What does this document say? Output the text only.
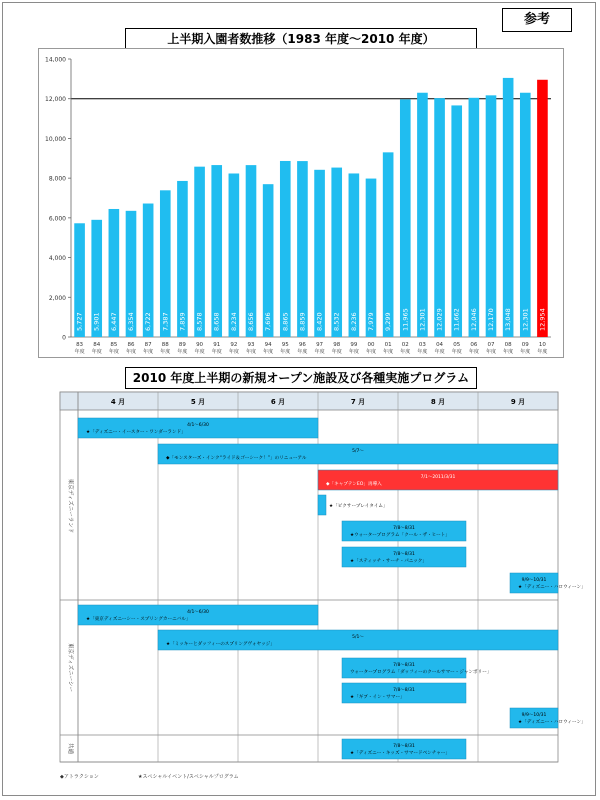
参考
上半期入園者数推移（1983 年度～2010 年度）
0
2,000
4,000
6,000
8,000
10,000
12,000
14,000
5,727
83
年度
5,901
84
年度
6,447
85
年度
6,354
86
年度
6,722
87
年度
7,387
88
年度
7,859
89
年度
8,578
90
年度
8,658
91
年度
8,234
92
年度
8,656
93
年度
7,696
94
年度
8,865
95
年度
8,859
96
年度
8,420
97
年度
8,532
98
年度
8,236
99
年度
7,979
00
年度
9,299
01
年度
11,965
02
年度
12,301
03
年度
12,029
04
年度
11,662
05
年度
12,046
06
年度
12,170
07
年度
13,048
08
年度
12,301
09
年度
12,954
10
年度
2010 年度上半期の新規オープン施設及び各種実施プログラム
4 月	5 月	6 月	7 月	8 月	9 月
東京ディズニーランド
東京ディズニーシー
共通
4/1～6/30
★「ディズニー・イースター・ワンダーランド」
5/7～
◆「モンスターズ・インク“ライド＆ゴーシーク！”」のリニューアル
7/1～2011/3/31
◆「キャプテンEO」再導入
★「ピクサープレイタイム」
7/8～8/31
★ウォータープログラム「クール・ザ・ヒート」
7/8～8/31
★「スティッチ・サーチ・パニック」
9/9～10/31
★「ディズニー・ハロウィーン」
4/1～6/30
★「東京ディズニーシー・スプリングカーニバル」
5/1～
★「ミッキーとダッフィーのスプリングヴォヤッジ」
7/8～8/31
ウォータープログラム「ダッフィーのクールサマー・ジャンボリー」
7/8～8/31
★「ギブ・イン・サマー」
9/9～10/31
★「ディズニー・ハロウィーン」
7/8～8/31
★「ディズニー・キッズ・サマードベンチャー」
◆アトラクション	★スペシャルイベント/スペシャルプログラム
